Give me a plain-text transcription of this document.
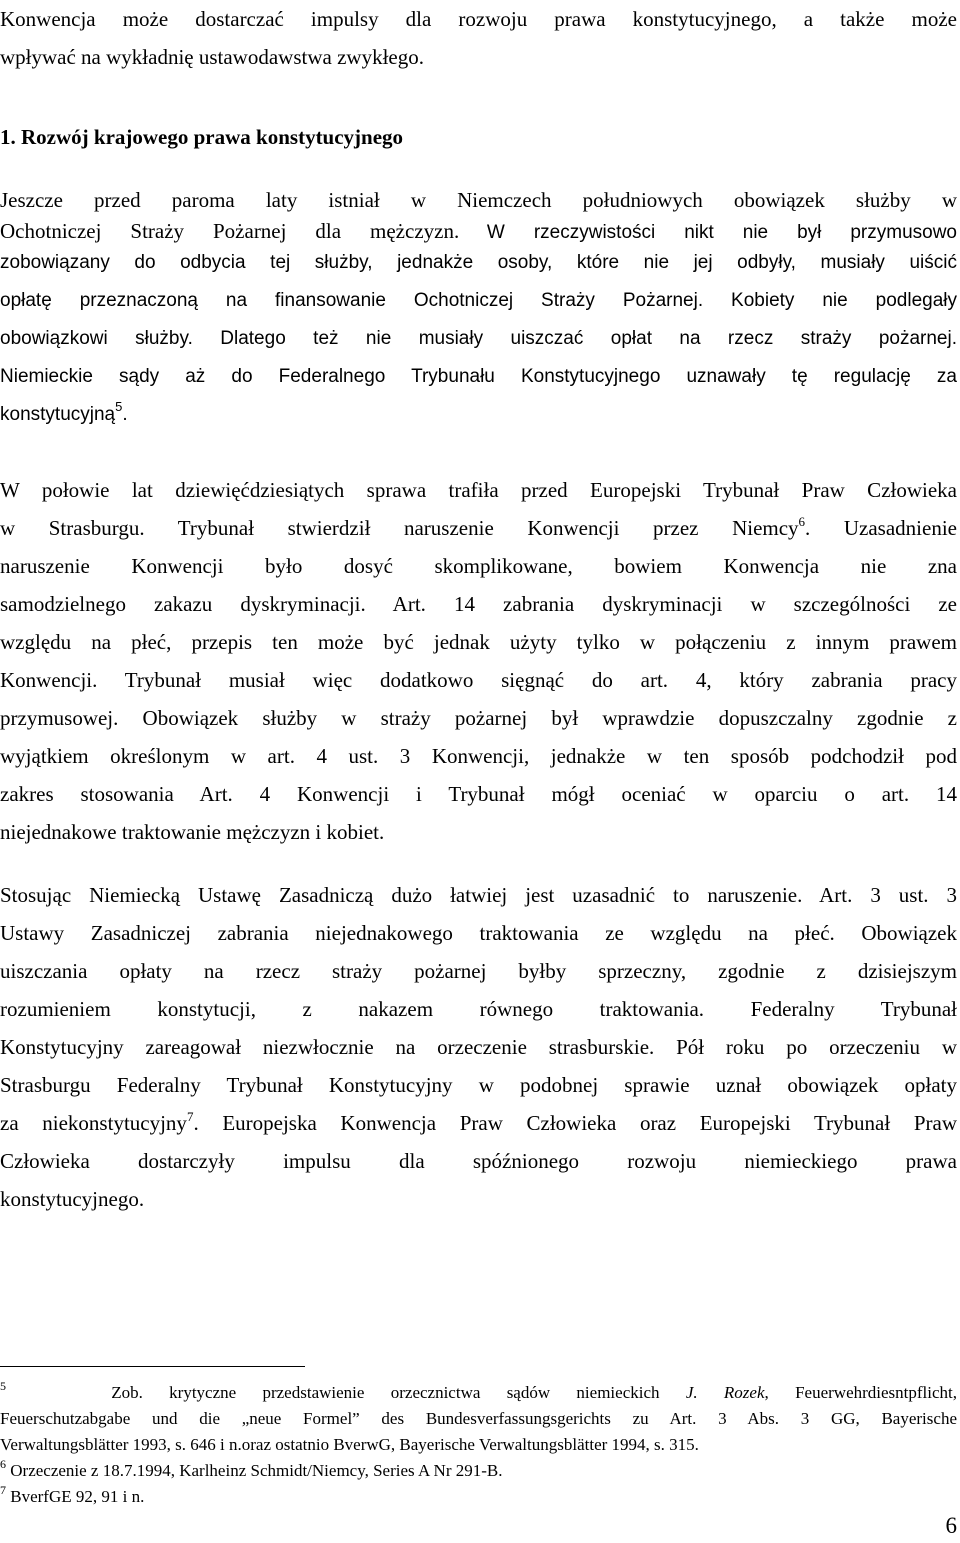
Konwencja może dostarczać impulsy dla rozwoju prawa konstytucyjnego, a także może
wpływać na wykładnię ustawodawstwa zwykłego.
1. Rozwój krajowego prawa konstytucyjnego
Jeszcze przed paroma laty istniał w Niemczech południowych obowiązek służby w
Ochotniczej Straży Pożarnej dla mężczyzn. W rzeczywistości nikt nie był przymusowo
zobowiązany do odbycia tej służby, jednakże osoby, które nie jej odbyły, musiały uiścić
opłatę przeznaczoną na finansowanie Ochotniczej Straży Pożarnej. Kobiety nie podlegały
obowiązkowi służby. Dlatego też nie musiały uiszczać opłat na rzecz straży pożarnej.
Niemieckie sądy aż do Federalnego Trybunału Konstytucyjnego uznawały tę regulację za
konstytucyjną$^5$.
W połowie lat dziewięćdziesiątych sprawa trafiła przed Europejski Trybunał Praw Człowieka
w Strasburgu. Trybunał stwierdził naruszenie Konwencji przez Niemcy$^6$. Uzasadnienie
naruszenie Konwencji było dosyć skomplikowane, bowiem Konwencja nie zna
samodzielnego zakazu dyskryminacji. Art. 14 zabrania dyskryminacji w szczególności ze
względu na płeć, przepis ten może być jednak użyty tylko w połączeniu z innym prawem
Konwencji. Trybunał musiał więc dodatkowo sięgnąć do art. 4, który zabrania pracy
przymusowej. Obowiązek służby w straży pożarnej był wprawdzie dopuszczalny zgodnie z
wyjątkiem określonym w art. 4 ust. 3 Konwencji, jednakże w ten sposób podchodził pod
zakres stosowania Art. 4 Konwencji i Trybunał mógł oceniać w oparciu o art. 14
niejednakowe traktowanie mężczyzn i kobiet.
Stosując Niemiecką Ustawę Zasadniczą dużo łatwiej jest uzasadnić to naruszenie. Art. 3 ust. 3
Ustawy Zasadniczej zabrania niejednakowego traktowania ze względu na płeć. Obowiązek
uiszczania opłaty na rzecz straży pożarnej byłby sprzeczny, zgodnie z dzisiejszym
rozumieniem konstytucji, z nakazem równego traktowania. Federalny Trybunał
Konstytucyjny zareagował niezwłocznie na orzeczenie strasburskie. Pół roku po orzeczeniu w
Strasburgu Federalny Trybunał Konstytucyjny w podobnej sprawie uznał obowiązek opłaty
za niekonstytucyjny$^7$. Europejska Konwencja Praw Człowieka oraz Europejski Trybunał Praw
Człowieka dostarczyły impulsu dla spóźnionego rozwoju niemieckiego prawa
konstytucyjnego.
$^5$	Zob. krytyczne przedstawienie orzecznictwa sądów niemieckich J. Rozek, Feuerwehrdiesntpflicht,
Feuerschutzabgabe und die „neue Formel” des Bundesverfassungsgerichts zu Art. 3 Abs. 3 GG, Bayerische
Verwaltungsblätter 1993, s. 646 i n.oraz ostatnio BverwG, Bayerische Verwaltungsblätter 1994, s. 315.
$^6$ Orzeczenie z 18.7.1994, Karlheinz Schmidt/Niemcy, Series A Nr 291-B.
$^7$ BverfGE 92, 91 i n.
6
